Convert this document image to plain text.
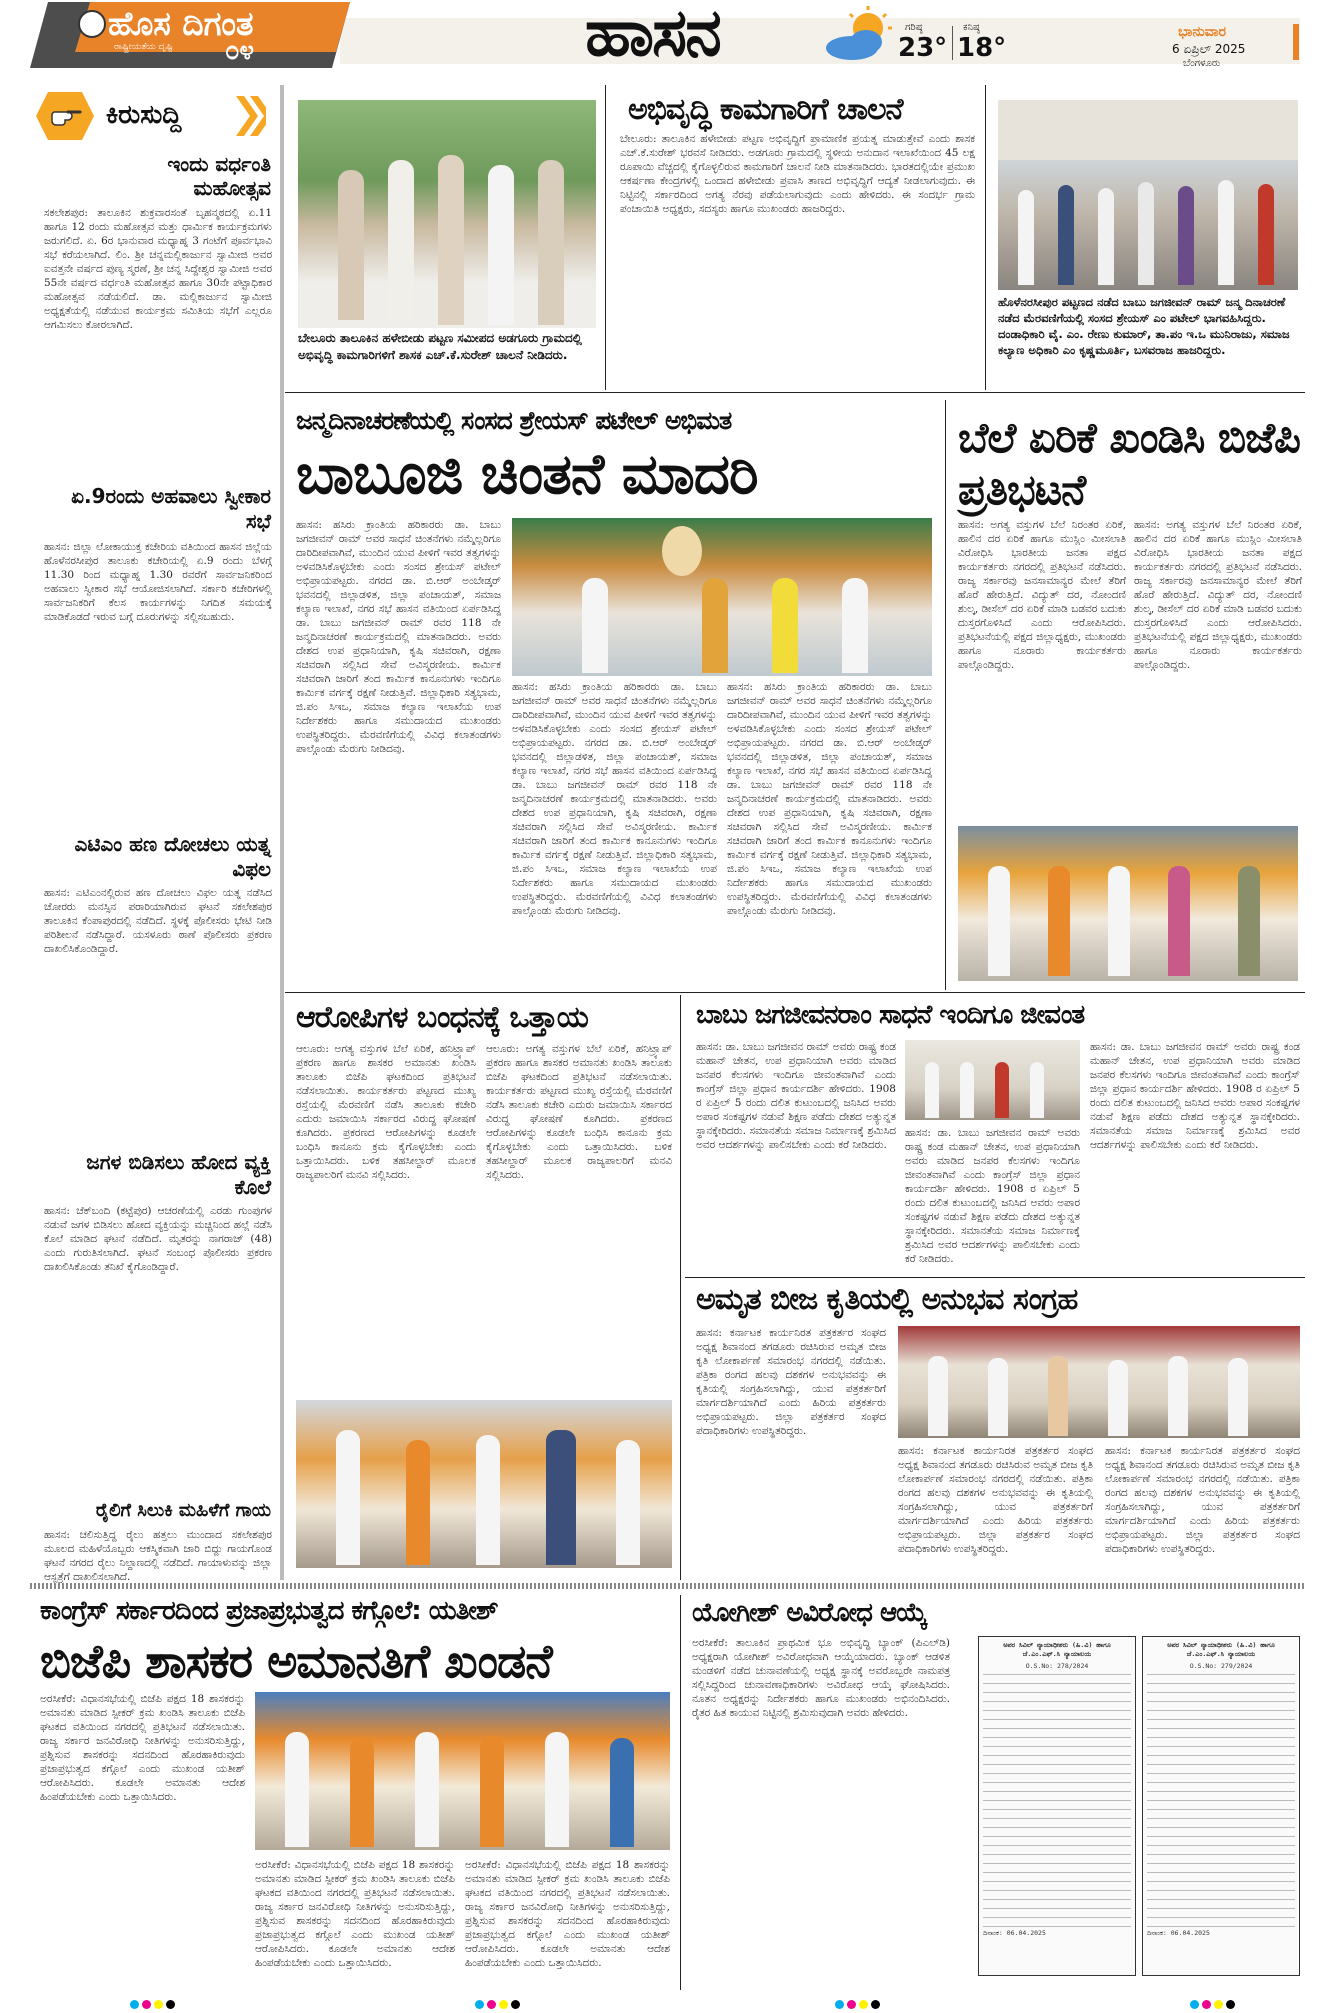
ಹೊಸ ದಿಗಂತ
ರಾಷ್ಟ್ರೀಯತೆಯ ದೃಷ್ಟಿ ೦೪	ಹಾಸನ	ಗರಿಷ್ಠ
23°
ಕನಿಷ್ಠ
18°
ಭಾನುವಾರ
6 ಏಪ್ರಿಲ್ 2025
ಬೆಂಗಳೂರು
ಕಿರುಸುದ್ದಿ
ಇಂದು ವರ್ಧಂತಿ ಮಹೋತ್ಸವ
ಸಕಲೇಶಪುರ: ತಾಲೂಕಿನ ಶುಕ್ರವಾರಸಂತೆ ಬೃಹನ್ಮಠದಲ್ಲಿ ಏ.11 ಹಾಗೂ 12 ರಂದು ಮಹೋತ್ಸವ ಮತ್ತು ಧಾರ್ಮಿಕ ಕಾರ್ಯಕ್ರಮಗಳು ಜರುಗಲಿದೆ. ಏ. 6ರ ಭಾನುವಾರ ಮಧ್ಯಾಹ್ನ 3 ಗಂಟೆಗೆ ಪೂರ್ವಭಾವಿ ಸಭೆ ಕರೆಯಲಾಗಿದೆ. ಲಿಂ. ಶ್ರೀ ಚನ್ನಮಲ್ಲಿಕಾರ್ಜುನ ಸ್ವಾಮೀಜಿ ಅವರ ಐವತ್ತನೇ ವರ್ಷದ ಪುಣ್ಯ ಸ್ಮರಣೆ, ಶ್ರೀ ಚನ್ನ ಸಿದ್ದೇಶ್ವರ ಸ್ವಾಮೀಜಿ ಅವರ 55ನೇ ವರ್ಷದ ವರ್ಧಂತಿ ಮಹೋತ್ಸವ ಹಾಗೂ 30ನೇ ಪಟ್ಟಾಧಿಕಾರ ಮಹೋತ್ಸವ ನಡೆಯಲಿದೆ. ಡಾ. ಮಲ್ಲಿಕಾರ್ಜುನ ಸ್ವಾಮೀಜಿ ಅಧ್ಯಕ್ಷತೆಯಲ್ಲಿ ನಡೆಯುವ ಕಾರ್ಯಕ್ರಮ ಸಮಿತಿಯ ಸಭೆಗೆ ಎಲ್ಲರೂ ಆಗಮಿಸಲು ಕೋರಲಾಗಿದೆ.
ಏ.9ರಂದು ಅಹವಾಲು ಸ್ವೀಕಾರ ಸಭೆ
ಹಾಸನ: ಜಿಲ್ಲಾ ಲೋಕಾಯುಕ್ತ ಕಚೇರಿಯ ವತಿಯಿಂದ ಹಾಸನ ಜಿಲ್ಲೆಯ ಹೊಳೆನರಸೀಪುರ ತಾಲೂಕು ಕಚೇರಿಯಲ್ಲಿ ಏ.9 ರಂದು ಬೆಳಗ್ಗೆ 11.30 ರಿಂದ ಮಧ್ಯಾಹ್ನ 1.30 ರವರೆಗೆ ಸಾರ್ವಜನಿಕರಿಂದ ಅಹವಾಲು ಸ್ವೀಕಾರ ಸಭೆ ಆಯೋಜಿಸಲಾಗಿದೆ. ಸರ್ಕಾರಿ ಕಚೇರಿಗಳಲ್ಲಿ ಸಾರ್ವಜನಿಕರಿಗೆ ಕೆಲಸ ಕಾರ್ಯಗಳನ್ನು ನಿಗದಿತ ಸಮಯಕ್ಕೆ ಮಾಡಿಕೊಡದೆ ಇರುವ ಬಗ್ಗೆ ದೂರುಗಳನ್ನು ಸಲ್ಲಿಸಬಹುದು.
ಎಟಿಎಂ ಹಣ ದೋಚಲು ಯತ್ನ ವಿಫಲ
ಹಾಸನ: ಎಟಿಎಂನಲ್ಲಿರುವ ಹಣ ದೋಚಲು ವಿಫಲ ಯತ್ನ ನಡೆಸಿದ ಚೋರರು ಮನಸ್ಸಿನ ಪರಾರಿಯಾಗಿರುವ ಘಟನೆ ಸಕಲೇಶಪುರ ತಾಲೂಕಿನ ಕೆಂಪಾಪುರದಲ್ಲಿ ನಡೆದಿದೆ. ಸ್ಥಳಕ್ಕೆ ಪೊಲೀಸರು ಭೇಟಿ ನೀಡಿ ಪರಿಶೀಲನೆ ನಡೆಸಿದ್ದಾರೆ. ಯಸಳೂರು ಠಾಣೆ ಪೊಲೀಸರು ಪ್ರಕರಣ ದಾಖಲಿಸಿಕೊಂಡಿದ್ದಾರೆ.
ಜಗಳ ಬಿಡಿಸಲು ಹೋದ ವ್ಯಕ್ತಿ ಕೊಲೆ
ಹಾಸನ: ಚೆಕ್‌ಬಂದಿ (ಕಟ್ಟೆಪುರ) ಆಚರಣೆಯಲ್ಲಿ ಎರಡು ಗುಂಪುಗಳ ನಡುವೆ ಜಗಳ ಬಿಡಿಸಲು ಹೋದ ವ್ಯಕ್ತಿಯನ್ನು ಮಚ್ಚಿನಿಂದ ಹಲ್ಲೆ ನಡೆಸಿ ಕೊಲೆ ಮಾಡಿದ ಘಟನೆ ನಡೆದಿದೆ. ಮೃತರನ್ನು ನಾಗರಾಜ್ (48) ಎಂದು ಗುರುತಿಸಲಾಗಿದೆ. ಘಟನೆ ಸಂಬಂಧ ಪೊಲೀಸರು ಪ್ರಕರಣ ದಾಖಲಿಸಿಕೊಂಡು ತನಿಖೆ ಕೈಗೊಂಡಿದ್ದಾರೆ.
ರೈಲಿಗೆ ಸಿಲುಕಿ ಮಹಿಳೆಗೆ ಗಾಯ
ಹಾಸನ: ಚಲಿಸುತ್ತಿದ್ದ ರೈಲು ಹತ್ತಲು ಮುಂದಾದ ಸಕಲೇಶಪುರ ಮೂಲದ ಮಹಿಳೆಯೊಬ್ಬರು ಆಕಸ್ಮಿಕವಾಗಿ ಜಾರಿ ಬಿದ್ದು ಗಾಯಗೊಂಡ ಘಟನೆ ನಗರದ ರೈಲು ನಿಲ್ದಾಣದಲ್ಲಿ ನಡೆದಿದೆ. ಗಾಯಾಳುವನ್ನು ಜಿಲ್ಲಾ ಆಸ್ಪತ್ರೆಗೆ ದಾಖಲಿಸಲಾಗಿದೆ.
ಬೇಲೂರು ತಾಲೂಕಿನ ಹಳೇಬೀಡು ಪಟ್ಟಣ ಸಮೀಪದ ಅಡಗೂರು ಗ್ರಾಮದಲ್ಲಿ ಅಭಿವೃದ್ಧಿ ಕಾಮಗಾರಿಗಳಿಗೆ ಶಾಸಕ ಎಚ್.ಕೆ.ಸುರೇಶ್ ಚಾಲನೆ ನೀಡಿದರು.
ಅಭಿವೃದ್ಧಿ ಕಾಮಗಾರಿಗೆ ಚಾಲನೆ
ಬೇಲೂರು: ತಾಲೂಕಿನ ಹಳೇಬೀಡು ಪಟ್ಟಣ ಅಭಿವೃದ್ಧಿಗೆ ಪ್ರಾಮಾಣಿಕ ಪ್ರಯತ್ನ ಮಾಡುತ್ತೇವೆ ಎಂದು ಶಾಸಕ ಎಚ್.ಕೆ.ಸುರೇಶ್ ಭರವಸೆ ನೀಡಿದರು. ಅಡಗೂರು ಗ್ರಾಮದಲ್ಲಿ ಸ್ಥಳೀಯ ಅನುದಾನ ಇಲಾಖೆಯಿಂದ 45 ಲಕ್ಷ ರೂಪಾಯಿ ವೆಚ್ಚದಲ್ಲಿ ಕೈಗೊಳ್ಳಲಿರುವ ಕಾಮಗಾರಿಗೆ ಚಾಲನೆ ನೀಡಿ ಮಾತನಾಡಿದರು. ಭಾರತದಲ್ಲಿಯೇ ಪ್ರಮುಖ ಆಕರ್ಷಣಾ ಕೇಂದ್ರಗಳಲ್ಲಿ ಒಂದಾದ ಹಳೇಬೀಡು ಪ್ರವಾಸಿ ತಾಣದ ಅಭಿವೃದ್ಧಿಗೆ ಆದ್ಯತೆ ನೀಡಲಾಗುವುದು. ಈ ನಿಟ್ಟಿನಲ್ಲಿ ಸರ್ಕಾರದಿಂದ ಅಗತ್ಯ ನೆರವು ಪಡೆಯಲಾಗುವುದು ಎಂದು ಹೇಳಿದರು. ಈ ಸಂದರ್ಭ ಗ್ರಾಮ ಪಂಚಾಯಿತಿ ಅಧ್ಯಕ್ಷರು, ಸದಸ್ಯರು ಹಾಗೂ ಮುಖಂಡರು ಹಾಜರಿದ್ದರು.
ಹೊಳೆನರಸೀಪುರ ಪಟ್ಟಣದ ನಡೆದ ಬಾಬು ಜಗಜೀವನ್ ರಾಮ್ ಜನ್ಮ ದಿನಾಚರಣೆ ನಡೆದ ಮೆರವಣಿಗೆಯಲ್ಲಿ ಸಂಸದ ಶ್ರೇಯಸ್ ಎಂ ಪಟೇಲ್ ಭಾಗವಹಿಸಿದ್ದರು. ದಂಡಾಧಿಕಾರಿ ವೈ. ಎಂ. ರೇಣು ಕುಮಾರ್, ತಾ.ಪಂ ಇ.ಒ ಮುನಿರಾಜು, ಸಮಾಜ ಕಲ್ಯಾಣ ಅಧಿಕಾರಿ ಎಂ ಕೃಷ್ಣಮೂರ್ತಿ, ಬಸವರಾಜ ಹಾಜರಿದ್ದರು.
ಜನ್ಮದಿನಾಚರಣೆಯಲ್ಲಿ ಸಂಸದ ಶ್ರೇಯಸ್ ಪಟೇಲ್ ಅಭಿಮತ
ಬಾಬೂಜಿ ಚಿಂತನೆ ಮಾದರಿ
ಹಾಸನ: ಹಸಿರು ಕ್ರಾಂತಿಯ ಹರಿಕಾರರು ಡಾ. ಬಾಬು ಜಗಜೀವನ್ ರಾಮ್ ಅವರ ಸಾಧನೆ ಚಿಂತನೆಗಳು ನಮ್ಮೆಲ್ಲರಿಗೂ ದಾರಿದೀಪವಾಗಿವೆ, ಮುಂದಿನ ಯುವ ಪೀಳಿಗೆ ಇವರ ತತ್ವಗಳನ್ನು ಅಳವಡಿಸಿಕೊಳ್ಳಬೇಕು ಎಂದು ಸಂಸದ ಶ್ರೇಯಸ್ ಪಟೇಲ್ ಅಭಿಪ್ರಾಯಪಟ್ಟರು. ನಗರದ ಡಾ. ಬಿ.ಆರ್ ಅಂಬೇಡ್ಕರ್ ಭವನದಲ್ಲಿ ಜಿಲ್ಲಾಡಳಿತ, ಜಿಲ್ಲಾ ಪಂಚಾಯತ್, ಸಮಾಜ ಕಲ್ಯಾಣ ಇಲಾಖೆ, ನಗರ ಸಭೆ ಹಾಸನ ವತಿಯಿಂದ ಏರ್ಪಡಿಸಿದ್ದ ಡಾ. ಬಾಬು ಜಗಜೀವನ್ ರಾಮ್ ರವರ 118 ನೇ ಜನ್ಮದಿನಾಚರಣೆ ಕಾರ್ಯಕ್ರಮದಲ್ಲಿ ಮಾತನಾಡಿದರು. ಅವರು ದೇಶದ ಉಪ ಪ್ರಧಾನಿಯಾಗಿ, ಕೃಷಿ ಸಚಿವರಾಗಿ, ರಕ್ಷಣಾ ಸಚಿವರಾಗಿ ಸಲ್ಲಿಸಿದ ಸೇವೆ ಅವಿಸ್ಮರಣೀಯ. ಕಾರ್ಮಿಕ ಸಚಿವರಾಗಿ ಜಾರಿಗೆ ತಂದ ಕಾರ್ಮಿಕ ಕಾನೂನುಗಳು ಇಂದಿಗೂ ಕಾರ್ಮಿಕ ವರ್ಗಕ್ಕೆ ರಕ್ಷಣೆ ನೀಡುತ್ತಿವೆ. ಜಿಲ್ಲಾಧಿಕಾರಿ ಸತ್ಯಭಾಮ, ಜಿ.ಪಂ ಸಿಇಒ, ಸಮಾಜ ಕಲ್ಯಾಣ ಇಲಾಖೆಯ ಉಪ ನಿರ್ದೇಶಕರು ಹಾಗೂ ಸಮುದಾಯದ ಮುಖಂಡರು ಉಪಸ್ಥಿತರಿದ್ದರು. ಮೆರವಣಿಗೆಯಲ್ಲಿ ವಿವಿಧ ಕಲಾತಂಡಗಳು ಪಾಲ್ಗೊಂಡು ಮೆರುಗು ನೀಡಿದವು.
ಹಾಸನ: ಹಸಿರು ಕ್ರಾಂತಿಯ ಹರಿಕಾರರು ಡಾ. ಬಾಬು ಜಗಜೀವನ್ ರಾಮ್ ಅವರ ಸಾಧನೆ ಚಿಂತನೆಗಳು ನಮ್ಮೆಲ್ಲರಿಗೂ ದಾರಿದೀಪವಾಗಿವೆ, ಮುಂದಿನ ಯುವ ಪೀಳಿಗೆ ಇವರ ತತ್ವಗಳನ್ನು ಅಳವಡಿಸಿಕೊಳ್ಳಬೇಕು ಎಂದು ಸಂಸದ ಶ್ರೇಯಸ್ ಪಟೇಲ್ ಅಭಿಪ್ರಾಯಪಟ್ಟರು. ನಗರದ ಡಾ. ಬಿ.ಆರ್ ಅಂಬೇಡ್ಕರ್ ಭವನದಲ್ಲಿ ಜಿಲ್ಲಾಡಳಿತ, ಜಿಲ್ಲಾ ಪಂಚಾಯತ್, ಸಮಾಜ ಕಲ್ಯಾಣ ಇಲಾಖೆ, ನಗರ ಸಭೆ ಹಾಸನ ವತಿಯಿಂದ ಏರ್ಪಡಿಸಿದ್ದ ಡಾ. ಬಾಬು ಜಗಜೀವನ್ ರಾಮ್ ರವರ 118 ನೇ ಜನ್ಮದಿನಾಚರಣೆ ಕಾರ್ಯಕ್ರಮದಲ್ಲಿ ಮಾತನಾಡಿದರು. ಅವರು ದೇಶದ ಉಪ ಪ್ರಧಾನಿಯಾಗಿ, ಕೃಷಿ ಸಚಿವರಾಗಿ, ರಕ್ಷಣಾ ಸಚಿವರಾಗಿ ಸಲ್ಲಿಸಿದ ಸೇವೆ ಅವಿಸ್ಮರಣೀಯ. ಕಾರ್ಮಿಕ ಸಚಿವರಾಗಿ ಜಾರಿಗೆ ತಂದ ಕಾರ್ಮಿಕ ಕಾನೂನುಗಳು ಇಂದಿಗೂ ಕಾರ್ಮಿಕ ವರ್ಗಕ್ಕೆ ರಕ್ಷಣೆ ನೀಡುತ್ತಿವೆ. ಜಿಲ್ಲಾಧಿಕಾರಿ ಸತ್ಯಭಾಮ, ಜಿ.ಪಂ ಸಿಇಒ, ಸಮಾಜ ಕಲ್ಯಾಣ ಇಲಾಖೆಯ ಉಪ ನಿರ್ದೇಶಕರು ಹಾಗೂ ಸಮುದಾಯದ ಮುಖಂಡರು ಉಪಸ್ಥಿತರಿದ್ದರು. ಮೆರವಣಿಗೆಯಲ್ಲಿ ವಿವಿಧ ಕಲಾತಂಡಗಳು ಪಾಲ್ಗೊಂಡು ಮೆರುಗು ನೀಡಿದವು.
ಹಾಸನ: ಹಸಿರು ಕ್ರಾಂತಿಯ ಹರಿಕಾರರು ಡಾ. ಬಾಬು ಜಗಜೀವನ್ ರಾಮ್ ಅವರ ಸಾಧನೆ ಚಿಂತನೆಗಳು ನಮ್ಮೆಲ್ಲರಿಗೂ ದಾರಿದೀಪವಾಗಿವೆ, ಮುಂದಿನ ಯುವ ಪೀಳಿಗೆ ಇವರ ತತ್ವಗಳನ್ನು ಅಳವಡಿಸಿಕೊಳ್ಳಬೇಕು ಎಂದು ಸಂಸದ ಶ್ರೇಯಸ್ ಪಟೇಲ್ ಅಭಿಪ್ರಾಯಪಟ್ಟರು. ನಗರದ ಡಾ. ಬಿ.ಆರ್ ಅಂಬೇಡ್ಕರ್ ಭವನದಲ್ಲಿ ಜಿಲ್ಲಾಡಳಿತ, ಜಿಲ್ಲಾ ಪಂಚಾಯತ್, ಸಮಾಜ ಕಲ್ಯಾಣ ಇಲಾಖೆ, ನಗರ ಸಭೆ ಹಾಸನ ವತಿಯಿಂದ ಏರ್ಪಡಿಸಿದ್ದ ಡಾ. ಬಾಬು ಜಗಜೀವನ್ ರಾಮ್ ರವರ 118 ನೇ ಜನ್ಮದಿನಾಚರಣೆ ಕಾರ್ಯಕ್ರಮದಲ್ಲಿ ಮಾತನಾಡಿದರು. ಅವರು ದೇಶದ ಉಪ ಪ್ರಧಾನಿಯಾಗಿ, ಕೃಷಿ ಸಚಿವರಾಗಿ, ರಕ್ಷಣಾ ಸಚಿವರಾಗಿ ಸಲ್ಲಿಸಿದ ಸೇವೆ ಅವಿಸ್ಮರಣೀಯ. ಕಾರ್ಮಿಕ ಸಚಿವರಾಗಿ ಜಾರಿಗೆ ತಂದ ಕಾರ್ಮಿಕ ಕಾನೂನುಗಳು ಇಂದಿಗೂ ಕಾರ್ಮಿಕ ವರ್ಗಕ್ಕೆ ರಕ್ಷಣೆ ನೀಡುತ್ತಿವೆ. ಜಿಲ್ಲಾಧಿಕಾರಿ ಸತ್ಯಭಾಮ, ಜಿ.ಪಂ ಸಿಇಒ, ಸಮಾಜ ಕಲ್ಯಾಣ ಇಲಾಖೆಯ ಉಪ ನಿರ್ದೇಶಕರು ಹಾಗೂ ಸಮುದಾಯದ ಮುಖಂಡರು ಉಪಸ್ಥಿತರಿದ್ದರು. ಮೆರವಣಿಗೆಯಲ್ಲಿ ವಿವಿಧ ಕಲಾತಂಡಗಳು ಪಾಲ್ಗೊಂಡು ಮೆರುಗು ನೀಡಿದವು.
ಬೆಲೆ ಏರಿಕೆ ಖಂಡಿಸಿ ಬಿಜೆಪಿ ಪ್ರತಿಭಟನೆ
ಹಾಸನ: ಅಗತ್ಯ ವಸ್ತುಗಳ ಬೆಲೆ ನಿರಂತರ ಏರಿಕೆ, ಹಾಲಿನ ದರ ಏರಿಕೆ ಹಾಗೂ ಮುಸ್ಲಿಂ ಮೀಸಲಾತಿ ವಿರೋಧಿಸಿ ಭಾರತೀಯ ಜನತಾ ಪಕ್ಷದ ಕಾರ್ಯಕರ್ತರು ನಗರದಲ್ಲಿ ಪ್ರತಿಭಟನೆ ನಡೆಸಿದರು. ರಾಜ್ಯ ಸರ್ಕಾರವು ಜನಸಾಮಾನ್ಯರ ಮೇಲೆ ತೆರಿಗೆ ಹೊರೆ ಹೇರುತ್ತಿದೆ. ವಿದ್ಯುತ್ ದರ, ನೋಂದಣಿ ಶುಲ್ಕ, ಡೀಸೆಲ್ ದರ ಏರಿಕೆ ಮಾಡಿ ಬಡವರ ಬದುಕು ದುಸ್ತರಗೊಳಿಸಿದೆ ಎಂದು ಆರೋಪಿಸಿದರು. ಪ್ರತಿಭಟನೆಯಲ್ಲಿ ಪಕ್ಷದ ಜಿಲ್ಲಾಧ್ಯಕ್ಷರು, ಮುಖಂಡರು ಹಾಗೂ ನೂರಾರು ಕಾರ್ಯಕರ್ತರು ಪಾಲ್ಗೊಂಡಿದ್ದರು.
ಹಾಸನ: ಅಗತ್ಯ ವಸ್ತುಗಳ ಬೆಲೆ ನಿರಂತರ ಏರಿಕೆ, ಹಾಲಿನ ದರ ಏರಿಕೆ ಹಾಗೂ ಮುಸ್ಲಿಂ ಮೀಸಲಾತಿ ವಿರೋಧಿಸಿ ಭಾರತೀಯ ಜನತಾ ಪಕ್ಷದ ಕಾರ್ಯಕರ್ತರು ನಗರದಲ್ಲಿ ಪ್ರತಿಭಟನೆ ನಡೆಸಿದರು. ರಾಜ್ಯ ಸರ್ಕಾರವು ಜನಸಾಮಾನ್ಯರ ಮೇಲೆ ತೆರಿಗೆ ಹೊರೆ ಹೇರುತ್ತಿದೆ. ವಿದ್ಯುತ್ ದರ, ನೋಂದಣಿ ಶುಲ್ಕ, ಡೀಸೆಲ್ ದರ ಏರಿಕೆ ಮಾಡಿ ಬಡವರ ಬದುಕು ದುಸ್ತರಗೊಳಿಸಿದೆ ಎಂದು ಆರೋಪಿಸಿದರು. ಪ್ರತಿಭಟನೆಯಲ್ಲಿ ಪಕ್ಷದ ಜಿಲ್ಲಾಧ್ಯಕ್ಷರು, ಮುಖಂಡರು ಹಾಗೂ ನೂರಾರು ಕಾರ್ಯಕರ್ತರು ಪಾಲ್ಗೊಂಡಿದ್ದರು.
ಆರೋಪಿಗಳ ಬಂಧನಕ್ಕೆ ಒತ್ತಾಯ
ಆಲೂರು: ಅಗತ್ಯ ವಸ್ತುಗಳ ಬೆಲೆ ಏರಿಕೆ, ಹನಿಟ್ರ್ಯಾಪ್ ಪ್ರಕರಣ ಹಾಗೂ ಶಾಸಕರ ಅಮಾನತು ಖಂಡಿಸಿ ತಾಲೂಕು ಬಿಜೆಪಿ ಘಟಕದಿಂದ ಪ್ರತಿಭಟನೆ ನಡೆಸಲಾಯಿತು. ಕಾರ್ಯಕರ್ತರು ಪಟ್ಟಣದ ಮುಖ್ಯ ರಸ್ತೆಯಲ್ಲಿ ಮೆರವಣಿಗೆ ನಡೆಸಿ ತಾಲೂಕು ಕಚೇರಿ ಎದುರು ಜಮಾಯಿಸಿ ಸರ್ಕಾರದ ವಿರುದ್ಧ ಘೋಷಣೆ ಕೂಗಿದರು. ಪ್ರಕರಣದ ಆರೋಪಿಗಳನ್ನು ಕೂಡಲೇ ಬಂಧಿಸಿ ಕಾನೂನು ಕ್ರಮ ಕೈಗೊಳ್ಳಬೇಕು ಎಂದು ಒತ್ತಾಯಿಸಿದರು. ಬಳಿಕ ತಹಸೀಲ್ದಾರ್ ಮೂಲಕ ರಾಜ್ಯಪಾಲರಿಗೆ ಮನವಿ ಸಲ್ಲಿಸಿದರು.
ಆಲೂರು: ಅಗತ್ಯ ವಸ್ತುಗಳ ಬೆಲೆ ಏರಿಕೆ, ಹನಿಟ್ರ್ಯಾಪ್ ಪ್ರಕರಣ ಹಾಗೂ ಶಾಸಕರ ಅಮಾನತು ಖಂಡಿಸಿ ತಾಲೂಕು ಬಿಜೆಪಿ ಘಟಕದಿಂದ ಪ್ರತಿಭಟನೆ ನಡೆಸಲಾಯಿತು. ಕಾರ್ಯಕರ್ತರು ಪಟ್ಟಣದ ಮುಖ್ಯ ರಸ್ತೆಯಲ್ಲಿ ಮೆರವಣಿಗೆ ನಡೆಸಿ ತಾಲೂಕು ಕಚೇರಿ ಎದುರು ಜಮಾಯಿಸಿ ಸರ್ಕಾರದ ವಿರುದ್ಧ ಘೋಷಣೆ ಕೂಗಿದರು. ಪ್ರಕರಣದ ಆರೋಪಿಗಳನ್ನು ಕೂಡಲೇ ಬಂಧಿಸಿ ಕಾನೂನು ಕ್ರಮ ಕೈಗೊಳ್ಳಬೇಕು ಎಂದು ಒತ್ತಾಯಿಸಿದರು. ಬಳಿಕ ತಹಸೀಲ್ದಾರ್ ಮೂಲಕ ರಾಜ್ಯಪಾಲರಿಗೆ ಮನವಿ ಸಲ್ಲಿಸಿದರು.
ಬಾಬು ಜಗಜೀವನರಾಂ ಸಾಧನೆ ಇಂದಿಗೂ ಜೀವಂತ
ಹಾಸನ: ಡಾ. ಬಾಬು ಜಗಜೀವನ ರಾಮ್ ಅವರು ರಾಷ್ಟ್ರ ಕಂಡ ಮಹಾನ್ ಚೇತನ, ಉಪ ಪ್ರಧಾನಿಯಾಗಿ ಅವರು ಮಾಡಿದ ಜನಪರ ಕೆಲಸಗಳು ಇಂದಿಗೂ ಜೀವಂತವಾಗಿವೆ ಎಂದು ಕಾಂಗ್ರೆಸ್ ಜಿಲ್ಲಾ ಪ್ರಧಾನ ಕಾರ್ಯದರ್ಶಿ ಹೇಳಿದರು. 1908 ರ ಏಪ್ರಿಲ್ 5 ರಂದು ದಲಿತ ಕುಟುಂಬದಲ್ಲಿ ಜನಿಸಿದ ಅವರು ಅಪಾರ ಸಂಕಷ್ಟಗಳ ನಡುವೆ ಶಿಕ್ಷಣ ಪಡೆದು ದೇಶದ ಅತ್ಯುನ್ನತ ಸ್ಥಾನಕ್ಕೇರಿದರು. ಸಮಾನತೆಯ ಸಮಾಜ ನಿರ್ಮಾಣಕ್ಕೆ ಶ್ರಮಿಸಿದ ಅವರ ಆದರ್ಶಗಳನ್ನು ಪಾಲಿಸಬೇಕು ಎಂದು ಕರೆ ನೀಡಿದರು.
ಹಾಸನ: ಡಾ. ಬಾಬು ಜಗಜೀವನ ರಾಮ್ ಅವರು ರಾಷ್ಟ್ರ ಕಂಡ ಮಹಾನ್ ಚೇತನ, ಉಪ ಪ್ರಧಾನಿಯಾಗಿ ಅವರು ಮಾಡಿದ ಜನಪರ ಕೆಲಸಗಳು ಇಂದಿಗೂ ಜೀವಂತವಾಗಿವೆ ಎಂದು ಕಾಂಗ್ರೆಸ್ ಜಿಲ್ಲಾ ಪ್ರಧಾನ ಕಾರ್ಯದರ್ಶಿ ಹೇಳಿದರು. 1908 ರ ಏಪ್ರಿಲ್ 5 ರಂದು ದಲಿತ ಕುಟುಂಬದಲ್ಲಿ ಜನಿಸಿದ ಅವರು ಅಪಾರ ಸಂಕಷ್ಟಗಳ ನಡುವೆ ಶಿಕ್ಷಣ ಪಡೆದು ದೇಶದ ಅತ್ಯುನ್ನತ ಸ್ಥಾನಕ್ಕೇರಿದರು. ಸಮಾನತೆಯ ಸಮಾಜ ನಿರ್ಮಾಣಕ್ಕೆ ಶ್ರಮಿಸಿದ ಅವರ ಆದರ್ಶಗಳನ್ನು ಪಾಲಿಸಬೇಕು ಎಂದು ಕರೆ ನೀಡಿದರು.
ಹಾಸನ: ಡಾ. ಬಾಬು ಜಗಜೀವನ ರಾಮ್ ಅವರು ರಾಷ್ಟ್ರ ಕಂಡ ಮಹಾನ್ ಚೇತನ, ಉಪ ಪ್ರಧಾನಿಯಾಗಿ ಅವರು ಮಾಡಿದ ಜನಪರ ಕೆಲಸಗಳು ಇಂದಿಗೂ ಜೀವಂತವಾಗಿವೆ ಎಂದು ಕಾಂಗ್ರೆಸ್ ಜಿಲ್ಲಾ ಪ್ರಧಾನ ಕಾರ್ಯದರ್ಶಿ ಹೇಳಿದರು. 1908 ರ ಏಪ್ರಿಲ್ 5 ರಂದು ದಲಿತ ಕುಟುಂಬದಲ್ಲಿ ಜನಿಸಿದ ಅವರು ಅಪಾರ ಸಂಕಷ್ಟಗಳ ನಡುವೆ ಶಿಕ್ಷಣ ಪಡೆದು ದೇಶದ ಅತ್ಯುನ್ನತ ಸ್ಥಾನಕ್ಕೇರಿದರು. ಸಮಾನತೆಯ ಸಮಾಜ ನಿರ್ಮಾಣಕ್ಕೆ ಶ್ರಮಿಸಿದ ಅವರ ಆದರ್ಶಗಳನ್ನು ಪಾಲಿಸಬೇಕು ಎಂದು ಕರೆ ನೀಡಿದರು.
ಅಮೃತ ಬೀಜ ಕೃತಿಯಲ್ಲಿ ಅನುಭವ ಸಂಗ್ರಹ
ಹಾಸನ: ಕರ್ನಾಟಕ ಕಾರ್ಯನಿರತ ಪತ್ರಕರ್ತರ ಸಂಘದ ಅಧ್ಯಕ್ಷ ಶಿವಾನಂದ ತಗಡೂರು ರಚಿಸಿರುವ ಅಮೃತ ಬೀಜ ಕೃತಿ ಲೋಕಾರ್ಪಣೆ ಸಮಾರಂಭ ನಗರದಲ್ಲಿ ನಡೆಯಿತು. ಪತ್ರಿಕಾ ರಂಗದ ಹಲವು ದಶಕಗಳ ಅನುಭವವನ್ನು ಈ ಕೃತಿಯಲ್ಲಿ ಸಂಗ್ರಹಿಸಲಾಗಿದ್ದು, ಯುವ ಪತ್ರಕರ್ತರಿಗೆ ಮಾರ್ಗದರ್ಶಿಯಾಗಿದೆ ಎಂದು ಹಿರಿಯ ಪತ್ರಕರ್ತರು ಅಭಿಪ್ರಾಯಪಟ್ಟರು. ಜಿಲ್ಲಾ ಪತ್ರಕರ್ತರ ಸಂಘದ ಪದಾಧಿಕಾರಿಗಳು ಉಪಸ್ಥಿತರಿದ್ದರು.
ಹಾಸನ: ಕರ್ನಾಟಕ ಕಾರ್ಯನಿರತ ಪತ್ರಕರ್ತರ ಸಂಘದ ಅಧ್ಯಕ್ಷ ಶಿವಾನಂದ ತಗಡೂರು ರಚಿಸಿರುವ ಅಮೃತ ಬೀಜ ಕೃತಿ ಲೋಕಾರ್ಪಣೆ ಸಮಾರಂಭ ನಗರದಲ್ಲಿ ನಡೆಯಿತು. ಪತ್ರಿಕಾ ರಂಗದ ಹಲವು ದಶಕಗಳ ಅನುಭವವನ್ನು ಈ ಕೃತಿಯಲ್ಲಿ ಸಂಗ್ರಹಿಸಲಾಗಿದ್ದು, ಯುವ ಪತ್ರಕರ್ತರಿಗೆ ಮಾರ್ಗದರ್ಶಿಯಾಗಿದೆ ಎಂದು ಹಿರಿಯ ಪತ್ರಕರ್ತರು ಅಭಿಪ್ರಾಯಪಟ್ಟರು. ಜಿಲ್ಲಾ ಪತ್ರಕರ್ತರ ಸಂಘದ ಪದಾಧಿಕಾರಿಗಳು ಉಪಸ್ಥಿತರಿದ್ದರು.
ಹಾಸನ: ಕರ್ನಾಟಕ ಕಾರ್ಯನಿರತ ಪತ್ರಕರ್ತರ ಸಂಘದ ಅಧ್ಯಕ್ಷ ಶಿವಾನಂದ ತಗಡೂರು ರಚಿಸಿರುವ ಅಮೃತ ಬೀಜ ಕೃತಿ ಲೋಕಾರ್ಪಣೆ ಸಮಾರಂಭ ನಗರದಲ್ಲಿ ನಡೆಯಿತು. ಪತ್ರಿಕಾ ರಂಗದ ಹಲವು ದಶಕಗಳ ಅನುಭವವನ್ನು ಈ ಕೃತಿಯಲ್ಲಿ ಸಂಗ್ರಹಿಸಲಾಗಿದ್ದು, ಯುವ ಪತ್ರಕರ್ತರಿಗೆ ಮಾರ್ಗದರ್ಶಿಯಾಗಿದೆ ಎಂದು ಹಿರಿಯ ಪತ್ರಕರ್ತರು ಅಭಿಪ್ರಾಯಪಟ್ಟರು. ಜಿಲ್ಲಾ ಪತ್ರಕರ್ತರ ಸಂಘದ ಪದಾಧಿಕಾರಿಗಳು ಉಪಸ್ಥಿತರಿದ್ದರು.
ಕಾಂಗ್ರೆಸ್ ಸರ್ಕಾರದಿಂದ ಪ್ರಜಾಪ್ರಭುತ್ವದ ಕಗ್ಗೊಲೆ: ಯತೀಶ್
ಬಿಜೆಪಿ ಶಾಸಕರ ಅಮಾನತಿಗೆ ಖಂಡನೆ
ಅರಸೀಕೆರೆ: ವಿಧಾನಸಭೆಯಲ್ಲಿ ಬಿಜೆಪಿ ಪಕ್ಷದ 18 ಶಾಸಕರನ್ನು ಅಮಾನತು ಮಾಡಿದ ಸ್ಪೀಕರ್ ಕ್ರಮ ಖಂಡಿಸಿ ತಾಲೂಕು ಬಿಜೆಪಿ ಘಟಕದ ವತಿಯಿಂದ ನಗರದಲ್ಲಿ ಪ್ರತಿಭಟನೆ ನಡೆಸಲಾಯಿತು. ರಾಜ್ಯ ಸರ್ಕಾರ ಜನವಿರೋಧಿ ನೀತಿಗಳನ್ನು ಅನುಸರಿಸುತ್ತಿದ್ದು, ಪ್ರಶ್ನಿಸುವ ಶಾಸಕರನ್ನು ಸದನದಿಂದ ಹೊರಹಾಕಿರುವುದು ಪ್ರಜಾಪ್ರಭುತ್ವದ ಕಗ್ಗೊಲೆ ಎಂದು ಮುಖಂಡ ಯತೀಶ್ ಆರೋಪಿಸಿದರು. ಕೂಡಲೇ ಅಮಾನತು ಆದೇಶ ಹಿಂಪಡೆಯಬೇಕು ಎಂದು ಒತ್ತಾಯಿಸಿದರು.
ಅರಸೀಕೆರೆ: ವಿಧಾನಸಭೆಯಲ್ಲಿ ಬಿಜೆಪಿ ಪಕ್ಷದ 18 ಶಾಸಕರನ್ನು ಅಮಾನತು ಮಾಡಿದ ಸ್ಪೀಕರ್ ಕ್ರಮ ಖಂಡಿಸಿ ತಾಲೂಕು ಬಿಜೆಪಿ ಘಟಕದ ವತಿಯಿಂದ ನಗರದಲ್ಲಿ ಪ್ರತಿಭಟನೆ ನಡೆಸಲಾಯಿತು. ರಾಜ್ಯ ಸರ್ಕಾರ ಜನವಿರೋಧಿ ನೀತಿಗಳನ್ನು ಅನುಸರಿಸುತ್ತಿದ್ದು, ಪ್ರಶ್ನಿಸುವ ಶಾಸಕರನ್ನು ಸದನದಿಂದ ಹೊರಹಾಕಿರುವುದು ಪ್ರಜಾಪ್ರಭುತ್ವದ ಕಗ್ಗೊಲೆ ಎಂದು ಮುಖಂಡ ಯತೀಶ್ ಆರೋಪಿಸಿದರು. ಕೂಡಲೇ ಅಮಾನತು ಆದೇಶ ಹಿಂಪಡೆಯಬೇಕು ಎಂದು ಒತ್ತಾಯಿಸಿದರು.
ಅರಸೀಕೆರೆ: ವಿಧಾನಸಭೆಯಲ್ಲಿ ಬಿಜೆಪಿ ಪಕ್ಷದ 18 ಶಾಸಕರನ್ನು ಅಮಾನತು ಮಾಡಿದ ಸ್ಪೀಕರ್ ಕ್ರಮ ಖಂಡಿಸಿ ತಾಲೂಕು ಬಿಜೆಪಿ ಘಟಕದ ವತಿಯಿಂದ ನಗರದಲ್ಲಿ ಪ್ರತಿಭಟನೆ ನಡೆಸಲಾಯಿತು. ರಾಜ್ಯ ಸರ್ಕಾರ ಜನವಿರೋಧಿ ನೀತಿಗಳನ್ನು ಅನುಸರಿಸುತ್ತಿದ್ದು, ಪ್ರಶ್ನಿಸುವ ಶಾಸಕರನ್ನು ಸದನದಿಂದ ಹೊರಹಾಕಿರುವುದು ಪ್ರಜಾಪ್ರಭುತ್ವದ ಕಗ್ಗೊಲೆ ಎಂದು ಮುಖಂಡ ಯತೀಶ್ ಆರೋಪಿಸಿದರು. ಕೂಡಲೇ ಅಮಾನತು ಆದೇಶ ಹಿಂಪಡೆಯಬೇಕು ಎಂದು ಒತ್ತಾಯಿಸಿದರು.
ಯೋಗೀಶ್ ಅವಿರೋಧ ಆಯ್ಕೆ
ಅರಸೀಕೆರೆ: ತಾಲೂಕಿನ ಪ್ರಾಥಮಿಕ ಭೂ ಅಭಿವೃದ್ಧಿ ಬ್ಯಾಂಕ್ (ಪಿಎಲ್‌ಡಿ) ಅಧ್ಯಕ್ಷರಾಗಿ ಯೋಗೀಶ್ ಅವಿರೋಧವಾಗಿ ಆಯ್ಕೆಯಾದರು. ಬ್ಯಾಂಕ್ ಆಡಳಿತ ಮಂಡಳಿಗೆ ನಡೆದ ಚುನಾವಣೆಯಲ್ಲಿ ಅಧ್ಯಕ್ಷ ಸ್ಥಾನಕ್ಕೆ ಅವರೊಬ್ಬರೇ ನಾಮಪತ್ರ ಸಲ್ಲಿಸಿದ್ದರಿಂದ ಚುನಾವಣಾಧಿಕಾರಿಗಳು ಅವಿರೋಧ ಆಯ್ಕೆ ಘೋಷಿಸಿದರು. ನೂತನ ಅಧ್ಯಕ್ಷರನ್ನು ನಿರ್ದೇಶಕರು ಹಾಗೂ ಮುಖಂಡರು ಅಭಿನಂದಿಸಿದರು. ರೈತರ ಹಿತ ಕಾಯುವ ನಿಟ್ಟಿನಲ್ಲಿ ಶ್ರಮಿಸುವುದಾಗಿ ಅವರು ಹೇಳಿದರು.
ಅಪರ ಸಿವಿಲ್ ನ್ಯಾಯಾಧೀಶರು (ಹಿ.ವಿ) ಹಾಗೂ ಜೆ.ಎಂ.ಎಫ್.ಸಿ ನ್ಯಾಯಾಲಯ
O.S.No: 278/2024
ದಿನಾಂಕ: 06.04.2025
ಅಪರ ಸಿವಿಲ್ ನ್ಯಾಯಾಧೀಶರು (ಹಿ.ವಿ) ಹಾಗೂ ಜೆ.ಎಂ.ಎಫ್.ಸಿ ನ್ಯಾಯಾಲಯ
O.S.No: 279/2024
ದಿನಾಂಕ: 06.04.2025
